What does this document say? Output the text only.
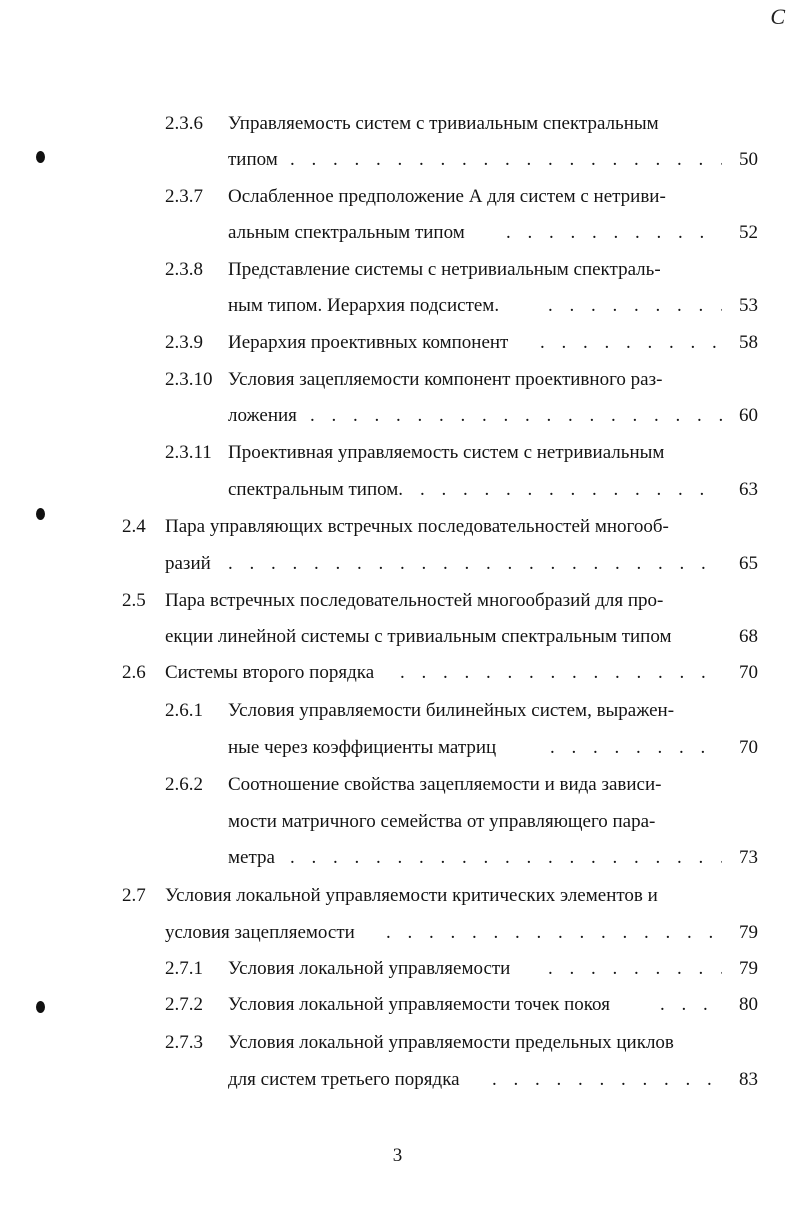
C
2.3.6 Управляемость систем с тривиальным спектральным
типом . . .	50
2.3.7 Ослабленное предположение А для систем с нетриви-
альным спектральным типом . . .	52
2.3.8 Представление системы с нетривиальным спектраль-
ным типом. Иерархия подсистем. . . .	53
2.3.9 Иерархия проективных компонент . . .	58
2.3.10 Условия зацепляемости компонент проективного раз-
ложения . . .	60
2.3.11 Проективная управляемость систем с нетривиальным
спектральным типом. . . .	63
2.4 Пара управляющих встречных последовательностей многооб-
разий . . .	65
2.5 Пара встречных последовательностей многообразий для про-
екции линейной системы с тривиальным спектральным типом	68
2.6 Системы второго порядка . . .	70
2.6.1 Условия управляемости билинейных систем, выражен-
ные через коэффициенты матриц . . .	70
2.6.2 Соотношение свойства зацепляемости и вида зависи-
мости матричного семейства от управляющего пара-
метра . . .	73
2.7 Условия локальной управляемости критических элементов и
условия зацепляемости . . .	79
2.7.1 Условия локальной управляемости . . .	79
2.7.2 Условия локальной управляемости точек покоя . . .	80
2.7.3 Условия локальной управляемости предельных циклов
для систем третьего порядка . . .	83
3
